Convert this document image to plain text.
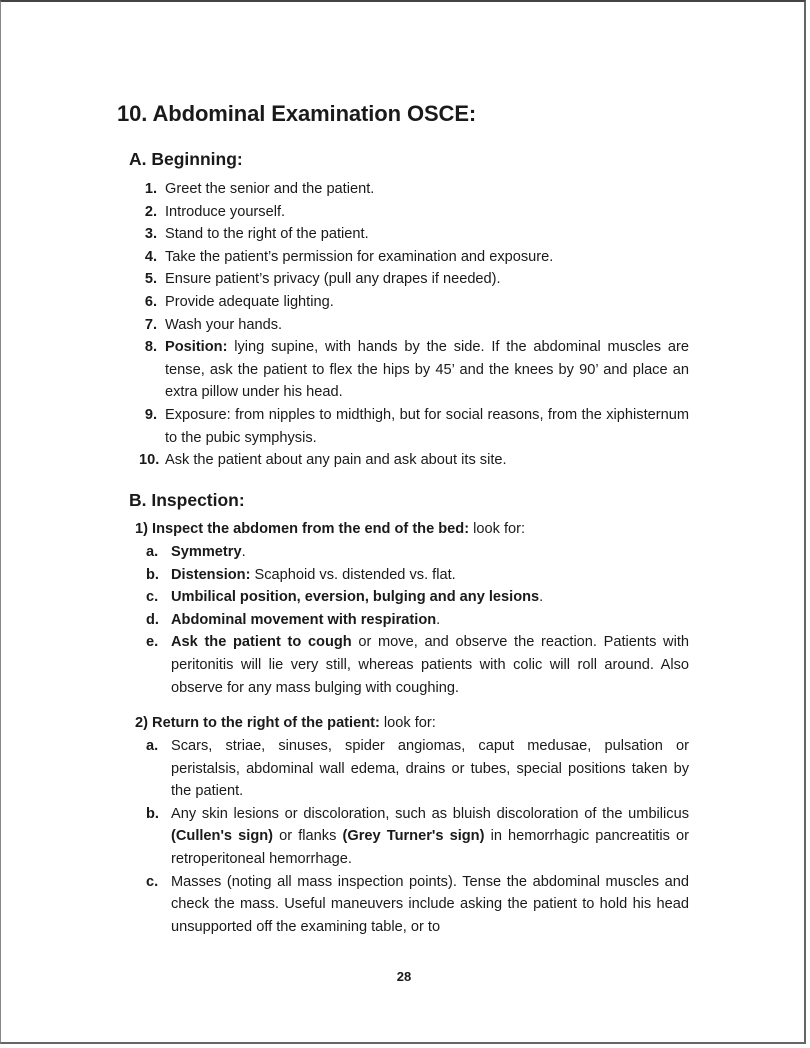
10. Abdominal Examination OSCE:
A. Beginning:
1. Greet the senior and the patient.
2. Introduce yourself.
3. Stand to the right of the patient.
4. Take the patient’s permission for examination and exposure.
5. Ensure patient’s privacy (pull any drapes if needed).
6. Provide adequate lighting.
7. Wash your hands.
8. Position: lying supine, with hands by the side. If the abdominal muscles are tense, ask the patient to flex the hips by 45’ and the knees by 90’ and place an extra pillow under his head.
9. Exposure: from nipples to midthigh, but for social reasons, from the xiphisternum to the pubic symphysis.
10. Ask the patient about any pain and ask about its site.
B. Inspection:

1) Inspect the abdomen from the end of the bed: look for:

a. Symmetry.
b. Distension: Scaphoid vs. distended vs. flat.
c. Umbilical position, eversion, bulging and any lesions.
d. Abdominal movement with respiration.
e. Ask the patient to cough or move, and observe the reaction. Patients with peritonitis will lie very still, whereas patients with colic will roll around. Also observe for any mass bulging with coughing.

2) Return to the right of the patient: look for:

a. Scars, striae, sinuses, spider angiomas, caput medusae, pulsation or peristalsis, abdominal wall edema, drains or tubes, special positions taken by the patient.
b. Any skin lesions or discoloration, such as bluish discoloration of the umbilicus (Cullen's sign) or flanks (Grey Turner's sign) in hemorrhagic pancreatitis or retroperitoneal hemorrhage.
c. Masses (noting all mass inspection points). Tense the abdominal muscles and check the mass. Useful maneuvers include asking the patient to hold his head unsupported off the examining table, or to
28
